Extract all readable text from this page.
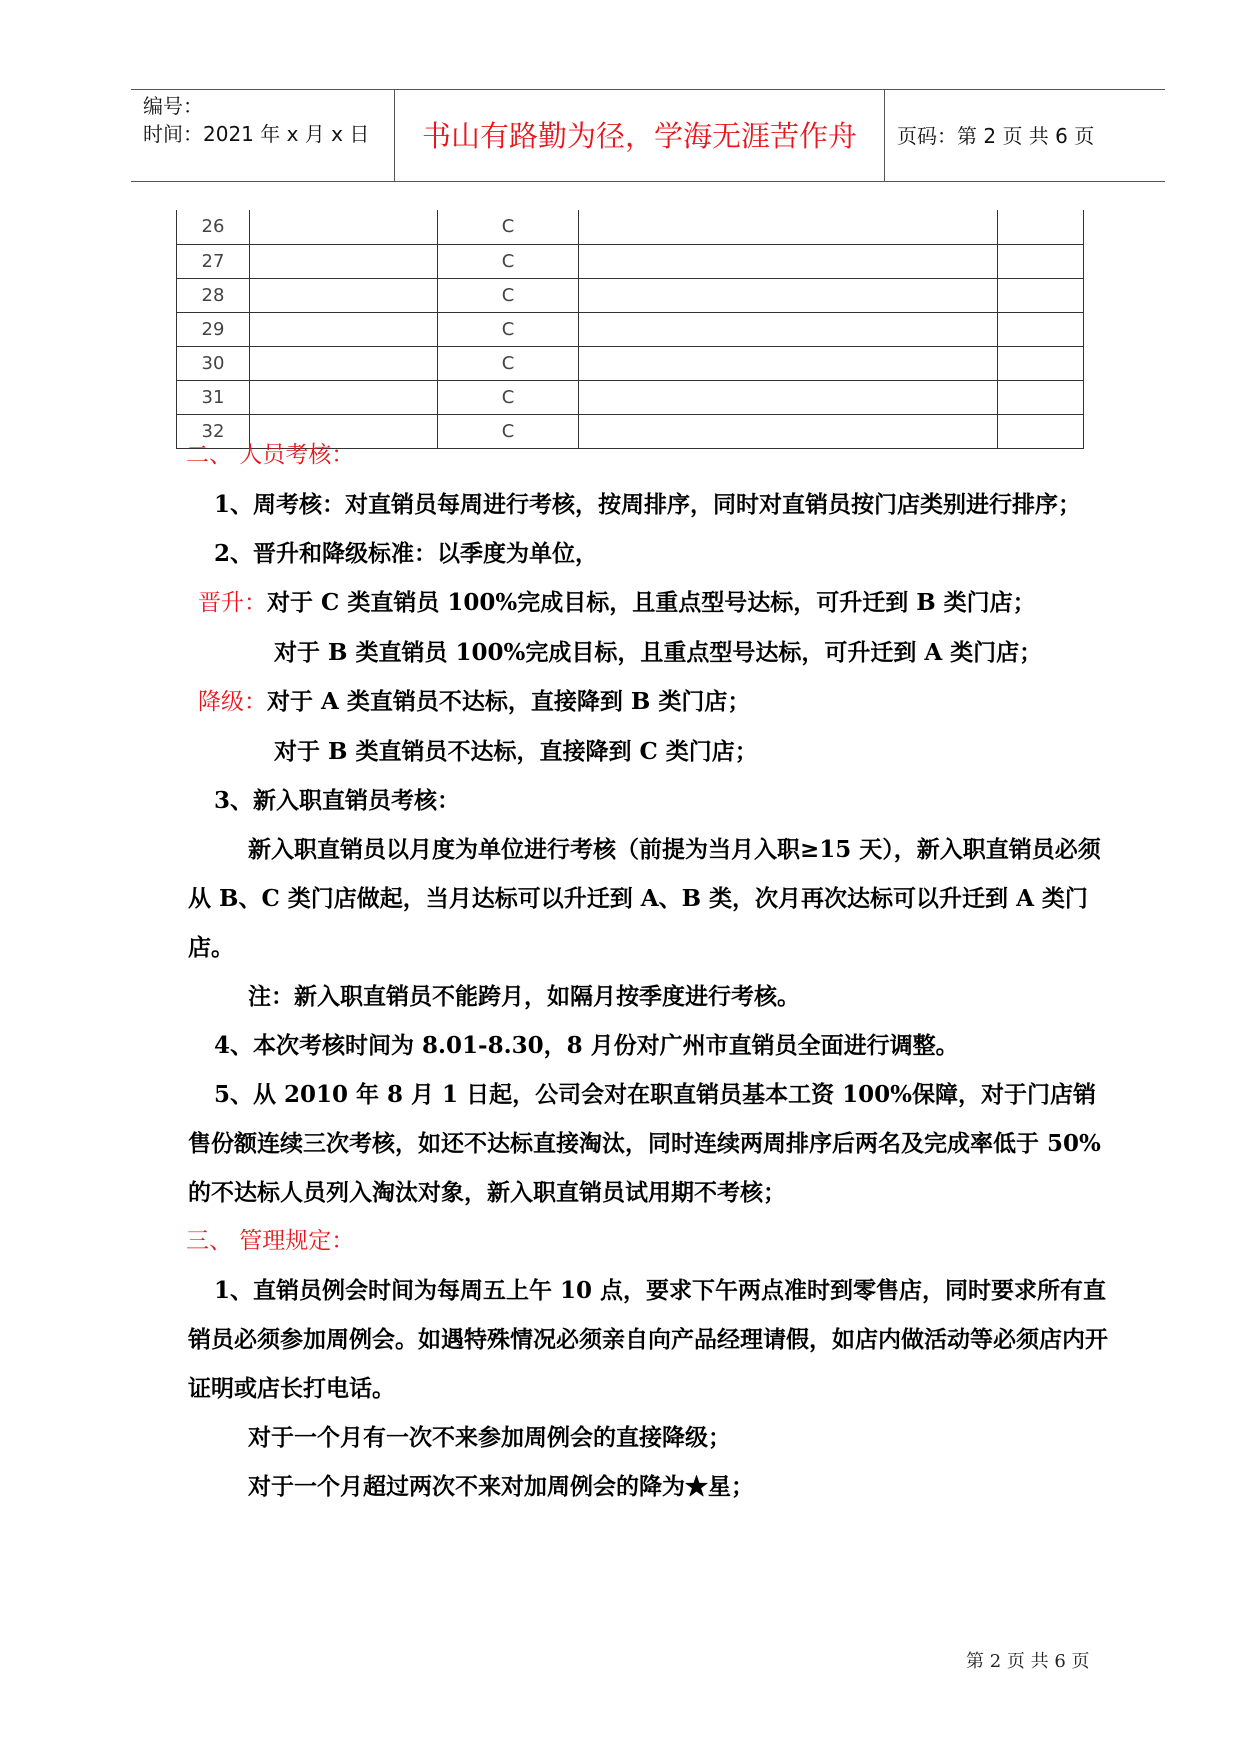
编号：
时间：2021 年 x 月 x 日	书山有路勤为径，学海无涯苦作舟	页码：第 2 页 共 6 页
26		C		
27		C		
28		C		
29		C		
30		C		
31		C		
32		C		

二、 人员考核：

1、周考核：对直销员每周进行考核，按周排序，同时对直销员按门店类别进行排序；

2、晋升和降级标准：以季度为单位，

晋升：对于 C 类直销员 100%完成目标，且重点型号达标，可升迁到 B 类门店；

对于 B 类直销员 100%完成目标，且重点型号达标，可升迁到 A 类门店；

降级：对于 A 类直销员不达标，直接降到 B 类门店；

对于 B 类直销员不达标，直接降到 C 类门店；

3、新入职直销员考核：

新入职直销员以月度为单位进行考核（前提为当月入职≥15 天），新入职直销员必须从 B、C 类门店做起，当月达标可以升迁到 A、B 类，次月再次达标可以升迁到 A 类门店。

注：新入职直销员不能跨月，如隔月按季度进行考核。

4、本次考核时间为 8.01-8.30，8 月份对广州市直销员全面进行调整。

5、从 2010 年 8 月 1 日起，公司会对在职直销员基本工资 100%保障，对于门店销售份额连续三次考核，如还不达标直接淘汰，同时连续两周排序后两名及完成率低于 50%的不达标人员列入淘汰对象，新入职直销员试用期不考核；

三、 管理规定：

1、直销员例会时间为每周五上午 10 点，要求下午两点准时到零售店，同时要求所有直销员必须参加周例会。如遇特殊情况必须亲自向产品经理请假，如店内做活动等必须店内开证明或店长打电话。

对于一个月有一次不来参加周例会的直接降级；

对于一个月超过两次不来对加周例会的降为★星；

第 2 页 共 6 页
